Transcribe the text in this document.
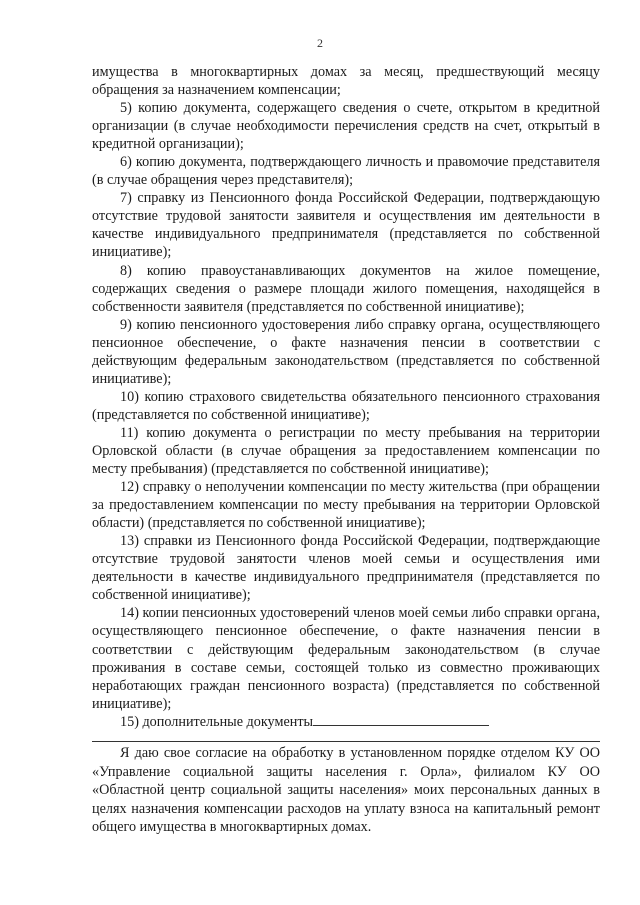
2

имущества в многоквартирных домах за месяц, предшествующий месяцу обращения за назначением компенсации;

5) копию документа, содержащего сведения о счете, открытом в кредитной организации (в случае необходимости перечисления средств на счет, открытый в кредитной организации);

6) копию документа, подтверждающего личность и правомочие представителя (в случае обращения через представителя);

7) справку из Пенсионного фонда Российской Федерации, подтверждающую отсутствие трудовой занятости заявителя и осуществления им деятельности в качестве индивидуального предпринимателя (представляется по собственной инициативе);

8) копию правоустанавливающих документов на жилое помещение, содержащих сведения о размере площади жилого помещения, находящейся в собственности заявителя (представляется по собственной инициативе);

9) копию пенсионного удостоверения либо справку органа, осуществляющего пенсионное обеспечение, о факте назначения пенсии в соответствии с действующим федеральным законодательством (представляется по собственной инициативе);

10) копию страхового свидетельства обязательного пенсионного страхования (представляется по собственной инициативе);

11) копию документа о регистрации по месту пребывания на территории Орловской области (в случае обращения за предоставлением компенсации по месту пребывания) (представляется по собственной инициативе);

12) справку о неполучении компенсации по месту жительства (при обращении за предоставлением компенсации по месту пребывания на территории Орловской области) (представляется по собственной инициативе);

13) справки из Пенсионного фонда Российской Федерации, подтверждающие отсутствие трудовой занятости членов моей семьи и осуществления ими деятельности в качестве индивидуального предпринимателя (представляется по собственной инициативе);

14) копии пенсионных удостоверений членов моей семьи либо справки органа, осуществляющего пенсионное обеспечение, о факте назначения пенсии в соответствии с действующим федеральным законодательством (в случае проживания в составе семьи, состоящей только из совместно проживающих неработающих граждан пенсионного возраста) (представляется по собственной инициативе);

15) дополнительные документы

Я даю свое согласие на обработку в установленном порядке отделом КУ ОО «Управление социальной защиты населения г. Орла», филиалом КУ ОО «Областной центр социальной защиты населения» моих персональных данных в целях назначения компенсации расходов на уплату взноса на капитальный ремонт общего имущества в многоквартирных домах.
